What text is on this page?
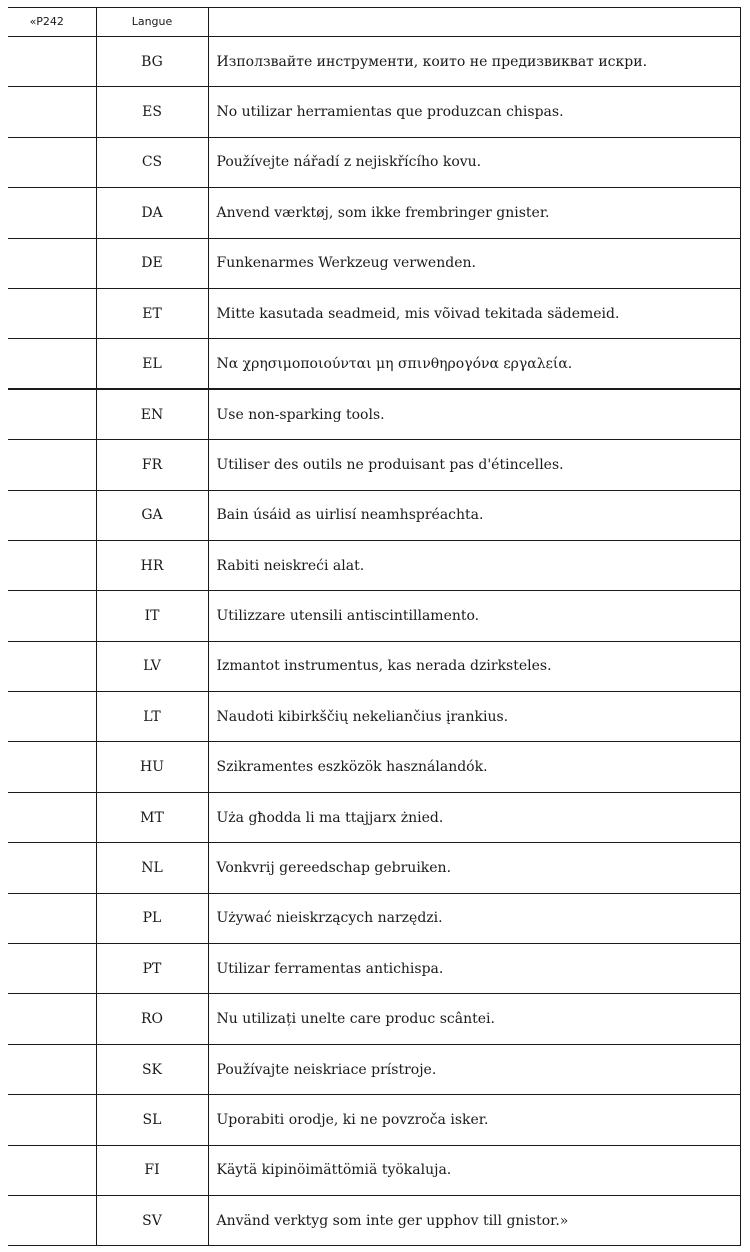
«P242	Langue	
	BG	Използвайте инструменти, които не предизвикват искри.
	ES	No utilizar herramientas que produzcan chispas.
	CS	Používejte nářadí z nejiskřícího kovu.
	DA	Anvend værktøj, som ikke frembringer gnister.
	DE	Funkenarmes Werkzeug verwenden.
	ET	Mitte kasutada seadmeid, mis võivad tekitada sädemeid.
	EL	Να χρησιμοποιούνται μη σπινθηρογόνα εργαλεία.
	EN	Use non-sparking tools.
	FR	Utiliser des outils ne produisant pas d'étincelles.
	GA	Bain úsáid as uirlisí neamhspréachta.
	HR	Rabiti neiskreći alat.
	IT	Utilizzare utensili antiscintillamento.
	LV	Izmantot instrumentus, kas nerada dzirksteles.
	LT	Naudoti kibirkščių nekeliančius įrankius.
	HU	Szikramentes eszközök használandók.
	MT	Uża għodda li ma ttajjarx żnied.
	NL	Vonkvrij gereedschap gebruiken.
	PL	Używać nieiskrzących narzędzi.
	PT	Utilizar ferramentas antichispa.
	RO	Nu utilizați unelte care produc scântei.
	SK	Používajte neiskriace prístroje.
	SL	Uporabiti orodje, ki ne povzroča isker.
	FI	Käytä kipinöimättömiä työkaluja.
	SV	Använd verktyg som inte ger upphov till gnistor.»
